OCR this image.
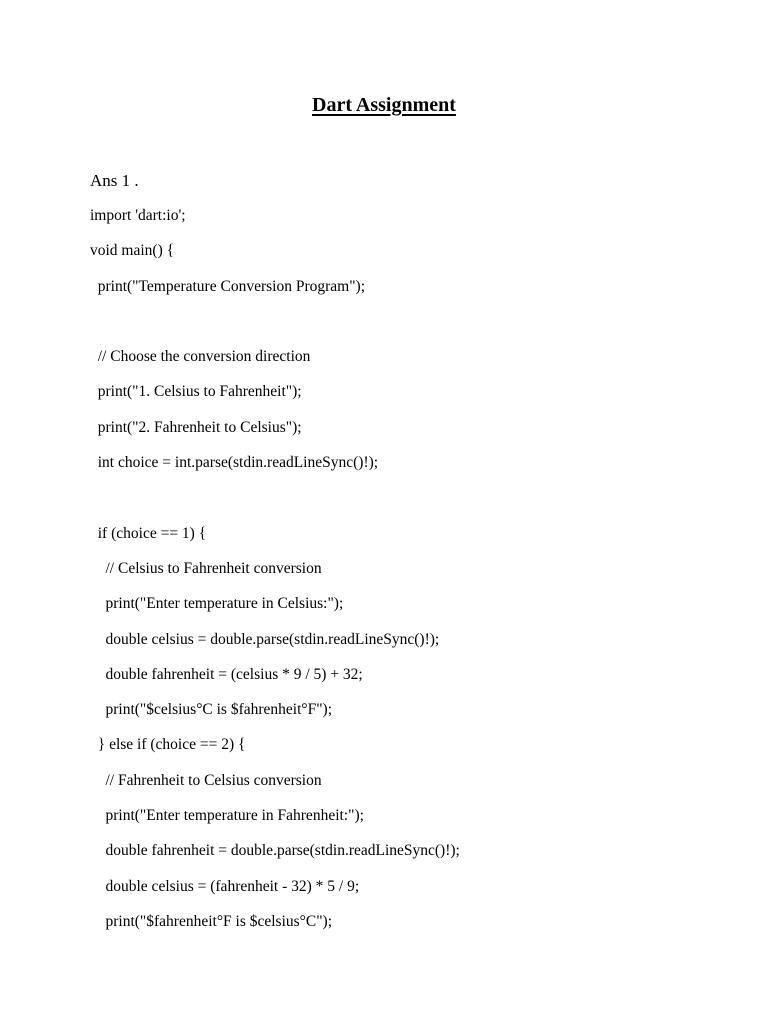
Dart Assignment

Ans 1 .

import 'dart:io';
void main() {
print("Temperature Conversion Program");
// Choose the conversion direction
print("1. Celsius to Fahrenheit");
print("2. Fahrenheit to Celsius");
int choice = int.parse(stdin.readLineSync()!);
if (choice == 1) {
// Celsius to Fahrenheit conversion
print("Enter temperature in Celsius:");
double celsius = double.parse(stdin.readLineSync()!);
double fahrenheit = (celsius * 9 / 5) + 32;
print("$celsius°C is $fahrenheit°F");
} else if (choice == 2) {
// Fahrenheit to Celsius conversion
print("Enter temperature in Fahrenheit:");
double fahrenheit = double.parse(stdin.readLineSync()!);
double celsius = (fahrenheit - 32) * 5 / 9;
print("$fahrenheit°F is $celsius°C");
